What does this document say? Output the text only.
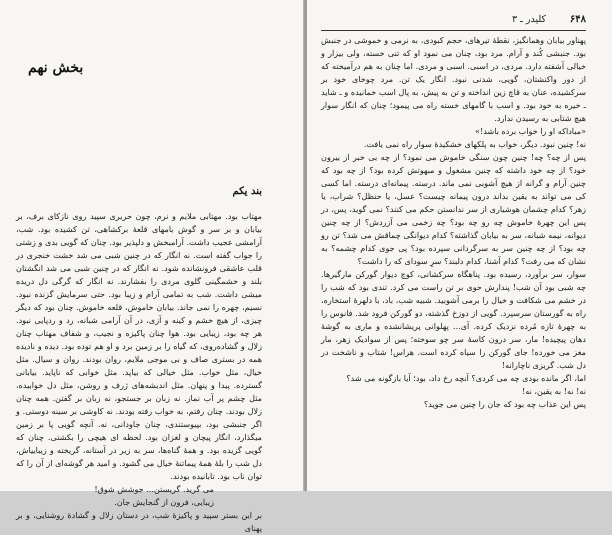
بخش نهم
بند یکم

مهتاب بود. مهتابی ملایم و نرم، چون حریری سپید روی نازکای برف، بر بیابان و بر سر و گوش بامهای قلعهٔ برکشاهی، تن کشیده بود. شب، آرامشی عجیب داشت. آرامبخش و دلپذیر بود. چنان که گویی بدی و زشتی را جواب گفته است. نه انگار که در چنین شبی می شد خشت خنجری در قلب عاشقی فرونشانده شود. نه انگار که در چنین شبی می شد انگشتان بلند و خشمگینی گلوی مردی را بفشارند. نه انگار که گرگی دل دریده میشی داشت. شب به تمامی آرام و زیبا بود. حتی سرمایش گزنده نبود. نسیم، چهره را نمی جاند. بیابان خاموش، قلعه خاموش. چنان بود که دیگر چیزی، از هیچ خشم و کینه و آزی، در آن آرامی شبانه، رد و ردپایی نبود. هر چه بود، زیبایی بود. هوا چنان پاکیزه و نجیب، و شفاف مهتاب چنان زلال و گشاده‌روی، که گیاه را بر زمین برد و او هم توده بود. دیده و نادیده همه در بستری صاف و بی موجی ملایم، روان بودند. روان و سیال. مثل خیال، مثل خواب. مثل خیالی که بیاپد. مثل خوابی که ناپاید. بیابانی گسترده. پیدا و پنهان. مثل اندیشه‌های ژرف و روشن، مثل دل خوابیده، مثل چشم پر آب نماز. نه زبان بر جستجو، نه زبان بر گفتن. همه چنان زلال بودند. چنان رفتم، به خواب رفته بودند. نه کاوشی بر سینه دوستی. و اگر جنبشی بود، بپیوستندی، چنان جاودانی، نه. آنچه گویی پا بر زمین میگذارد، انگار پیچان و لغزان بود. لحظه ای هیچی را بکشتی. چنان که گویی گزیده بود. و همهٔ گناه‌ها، سر به زیر در آستانه، گریخته و زیباییاش، دل شب را بلهٔ همهٔ پیماتنهٔ خیال می گشود. و امید هر گوشه‌ای از آن را که توان ناب بود. تابانیده بودند.

می گرید. گریستن... جوشش شوق!

زیبایی، فرون از گنجایش جان.

بر این بستر سپید و پاکیزهٔ شب، در دستان زلال و گشادهٔ روشنایی، و بر پهنای

۶۴۸
کلیدر ـ ۳

پهناور بیابان وهمانگیز، نقطهٔ تیرهای، حجم کبودی، به نرمی و خموشی در جنبش بود. جنبشی کُند و آرام. مرد بود، چنان می نمود او که تنی خسته، ولی بیزار و خیالی آشفته دارد. مردی، در اسبی. اسبی و مردی. اما چنان به هم درآمیخته که از دور واکنشتان، گویی، شدنی نبود. انگار یک تن. مرد چوخای خود بر سرکشیده، عنان به قاچ زین انداخته و تن به پیش، به پال اسب خمانیده و ـ شاید ـ خیره به خود بود. و اسب با گامهای خسته راه می پیمود؛ چنان که انگار سوار هیچ شتابی به رسیدن ندارد.

«مباداکه او را خواب برده باشد!»

نه! چنین نبود. دیگر، خواب به پلکهای خشکیدهٔ سوار راه نمی یافت.

پس از چه؟ چه! چنین چون سنگی خاموش می نمود؟ از چه بی خبر از بیرون خود؟ از چه خود داشته که چنین مشغول و مبهوتش کرده بود؟ از چه بود که چنین آرام و گرانه از هیچ آشوبی نمی ماند. درسته. پیمانه‌ای درسته. اما کسی کی می تواند به یقین بداند درون پیمانه چیست؟ عسل، یا حنظل؟ شراب، یا زهر؟ کدام چشمان هوشیاری از سر ندانستن حکم می کنند؟ نمی گوید، پس، در پس این چهرهٔ خاموش چه رو چه بود؟ چه زخمی می آزردش؟ از چه چنین دیوانه، نیمه شبانه، سر به بیابان گذاشته؟ کدام دیوانگی چماقش می شد؟ تن رو چه بود؟ از چه چنین سر به سرگردانی سپرده بود؟ پی جوی کدام چشمه؟ به نشان که می رفت؟ کدام آشنا، کدام دلبند؟ سرِ سودای که را داشت؟

سوار، سر برآورد، رسیده بود. پناهگاه سرکشانی، کوچ دیوار گورکن مارگیرها. چه شبی بود آن شب! پندارش حوی بر تن راست می کرد. تندی بود که شب را در خشم می شکافت و خیال را برمی آشوبید. شبیه شب، باد، با دلهرهٔ استخاره، راه به گورستان سرسپرد. گویی از دوزخ گذشته، دو گورکن فرود شد. فانوس را به چهرهٔ تازه مُرده نزدیک کرده. آی... پهلوانی پریشانشده و ماری به گوشهٔ دهان پیچیده! مار، سر درون کاسهٔ سر چو سوخته؛ پس از سوادیک زهر، مار مغز می خورده! جای گورکن را سیاه کرده است. هراس! شتاب و ناشخت در دل شب. گریزی ناچارانه!

اما، اگر مانده بودی چه می کردی؟ آنچه رخ داد، بود؛ آیا بازگونه می شد؟

نه! نه! به یقین، نه!

پس این عذاب چه بود که جان را چنین می جوید؟
